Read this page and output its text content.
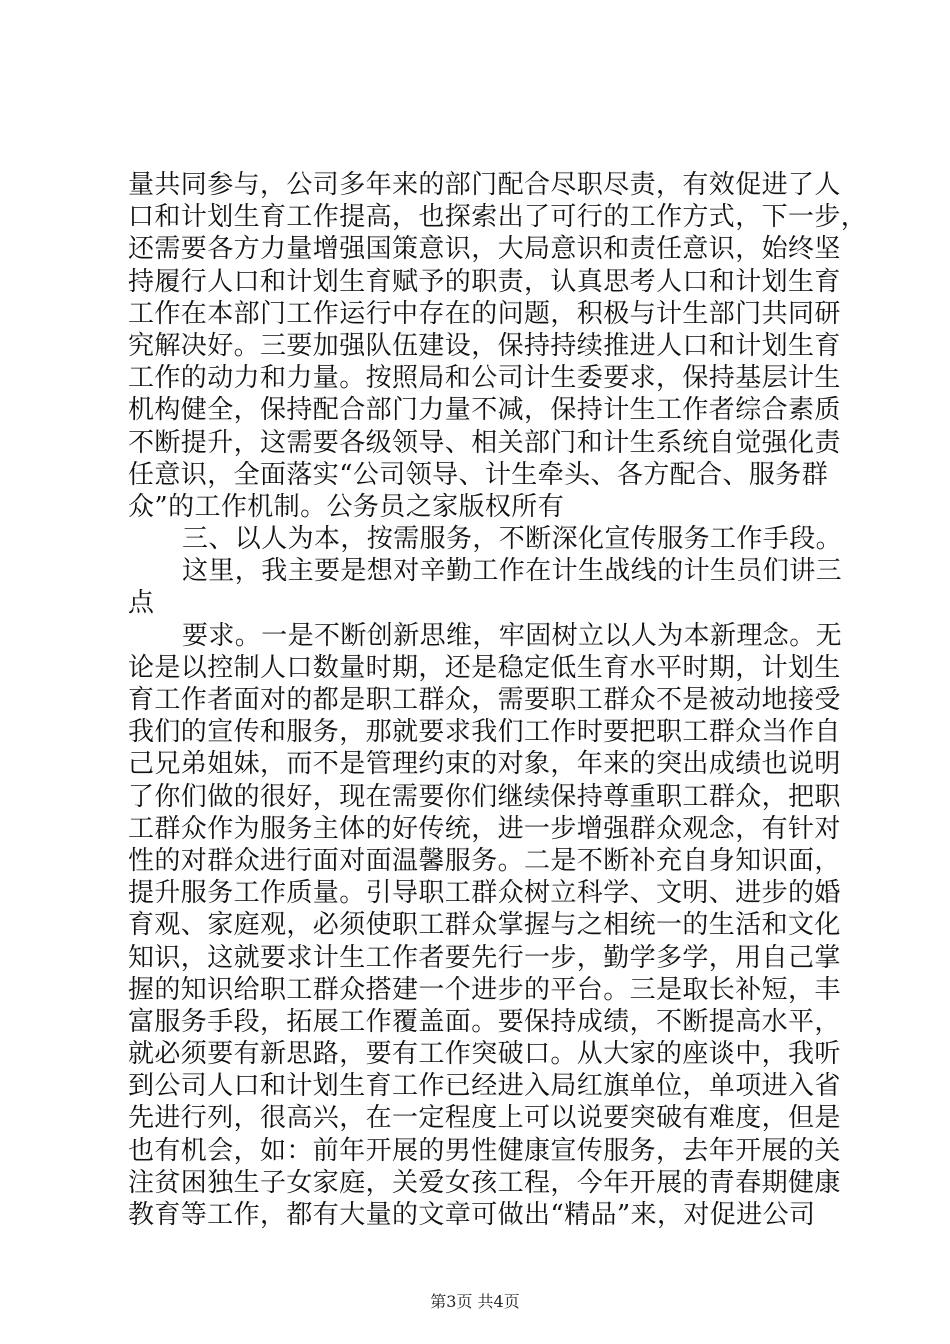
量共同参与，公司多年来的部门配合尽职尽责，有效促进了人
口和计划生育工作提高，也探索出了可行的工作方式，下一步，
还需要各方力量增强国策意识，大局意识和责任意识，始终坚
持履行人口和计划生育赋予的职责，认真思考人口和计划生育
工作在本部门工作运行中存在的问题，积极与计生部门共同研
究解决好。三要加强队伍建设，保持持续推进人口和计划生育
工作的动力和力量。按照局和公司计生委要求，保持基层计生
机构健全，保持配合部门力量不减，保持计生工作者综合素质
不断提升，这需要各级领导、相关部门和计生系统自觉强化责
任意识，全面落实“公司领导、计生牵头、各方配合、服务群
众”的工作机制。公务员之家版权所有
三、以人为本，按需服务，不断深化宣传服务工作手段。
这里，我主要是想对辛勤工作在计生战线的计生员们讲三
点
要求。一是不断创新思维，牢固树立以人为本新理念。无
论是以控制人口数量时期，还是稳定低生育水平时期，计划生
育工作者面对的都是职工群众，需要职工群众不是被动地接受
我们的宣传和服务，那就要求我们工作时要把职工群众当作自
己兄弟姐妹，而不是管理约束的对象，年来的突出成绩也说明
了你们做的很好，现在需要你们继续保持尊重职工群众，把职
工群众作为服务主体的好传统，进一步增强群众观念，有针对
性的对群众进行面对面温馨服务。二是不断补充自身知识面，
提升服务工作质量。引导职工群众树立科学、文明、进步的婚
育观、家庭观，必须使职工群众掌握与之相统一的生活和文化
知识，这就要求计生工作者要先行一步，勤学多学，用自己掌
握的知识给职工群众搭建一个进步的平台。三是取长补短，丰
富服务手段，拓展工作覆盖面。要保持成绩，不断提高水平，
就必须要有新思路，要有工作突破口。从大家的座谈中，我听
到公司人口和计划生育工作已经进入局红旗单位，单项进入省
先进行列，很高兴，在一定程度上可以说要突破有难度，但是
也有机会，如：前年开展的男性健康宣传服务，去年开展的关
注贫困独生子女家庭，关爱女孩工程，今年开展的青春期健康
教育等工作，都有大量的文章可做出“精品”来，对促进公司
第3页 共4页
